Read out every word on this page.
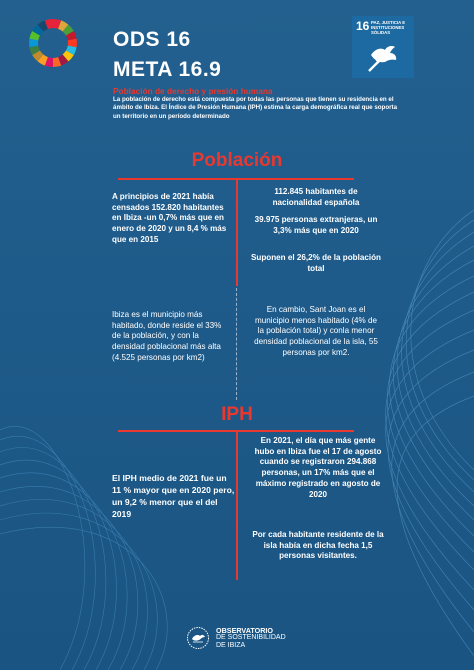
ODS 16
META 16.9
16 PAZ, JUSTICIA E INSTITUCIONES SÓLIDAS
Población de derecho y presión humana
La población de derecho está compuesta por todas las personas que tienen su residencia en el ámbito de Ibiza. El Índice de Presión Humana (IPH) estima la carga demográfica real que soporta un territorio en un período determinado
Población
A principios de 2021 había censados 152.820 habitantes en Ibiza -un 0,7% más que en enero de 2020 y un 8,4 % más que en 2015
112.845 habitantes de nacionalidad española
39.975 personas extranjeras, un 3,3% más que en 2020
Suponen el 26,2% de la población total
Ibiza es el municipio más habitado, donde reside el 33% de la población, y con la densidad poblacional más alta (4.525 personas por km2)
En cambio, Sant Joan es el municipio menos habitado (4% de la población total) y conla menor densidad poblacional de la isla, 55 personas por km2.
IPH
El IPH medio de 2021 fue un 11 % mayor que en 2020 pero, un 9,2 % menor que el del 2019
En 2021, el día que más gente hubo en Ibiza fue el 17 de agosto cuando se registraron 294.868 personas, un 17% más que el máximo registrado en agosto de 2020
Por cada habitante residente de la isla había en dicha fecha 1,5 personas visitantes.
OBSERVATORIO
DE SOSTENIBILIDAD
DE IBIZA
